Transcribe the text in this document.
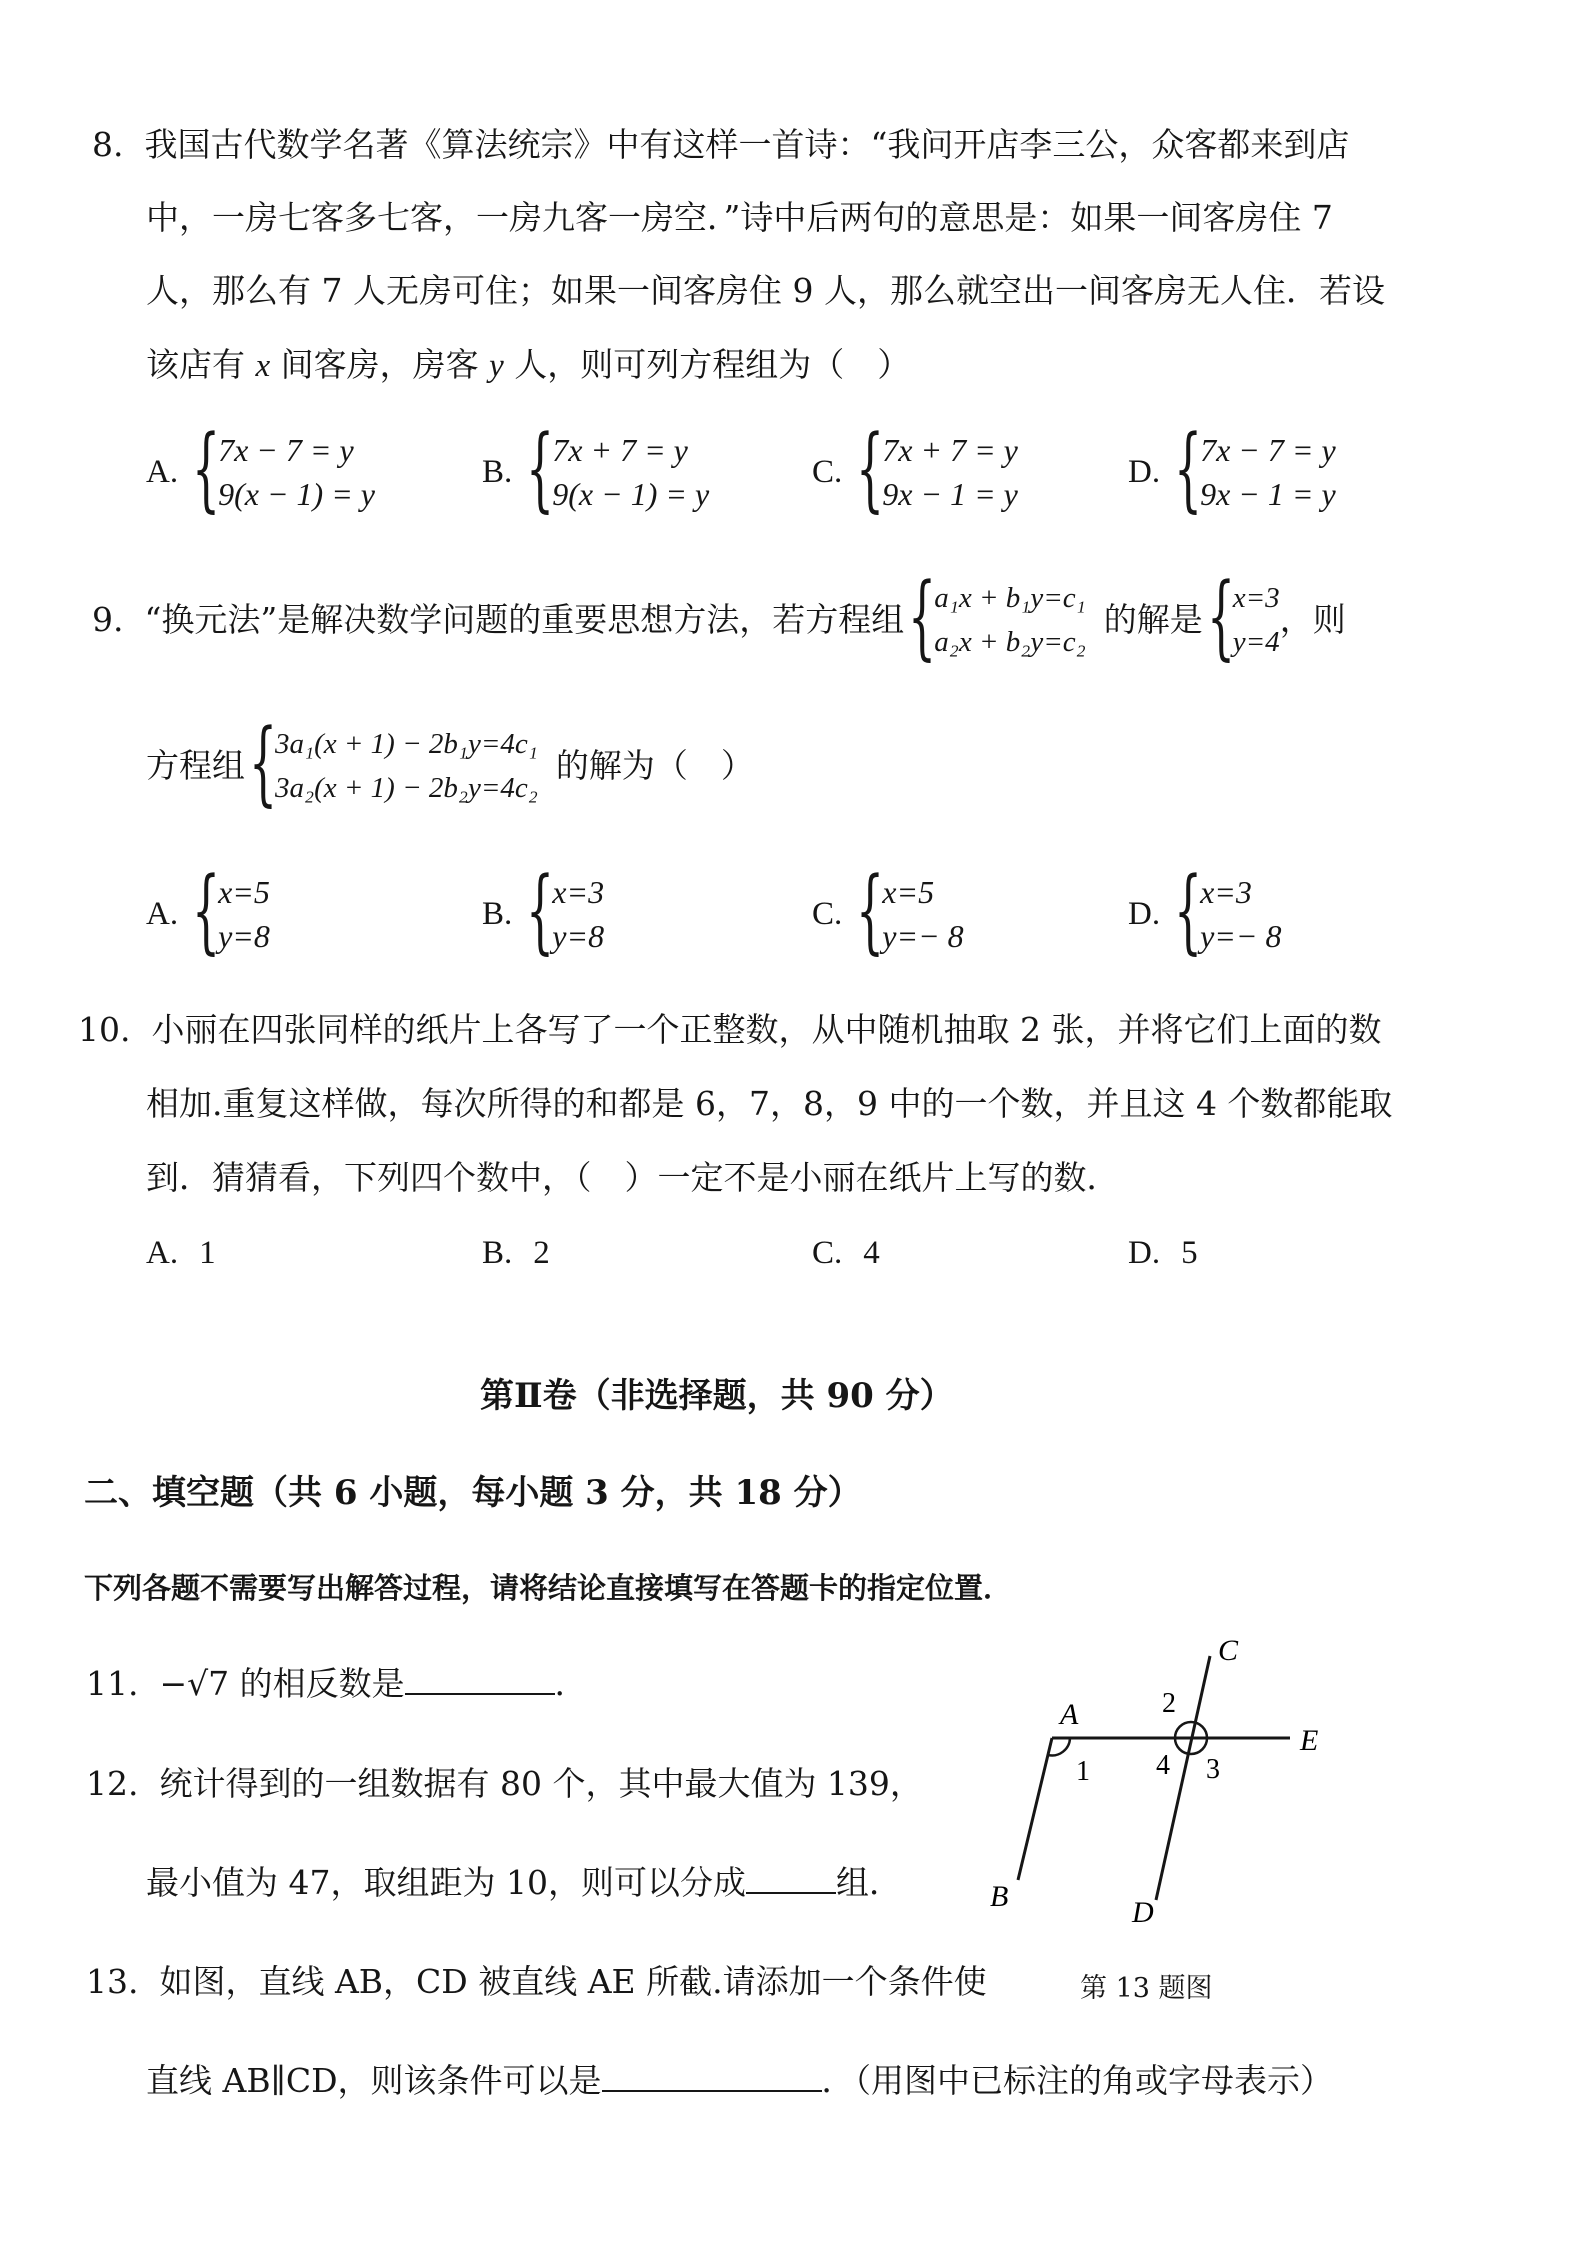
8. 我国古代数学名著《算法统宗》中有这样一首诗：“我问开店李三公，众客都来到店
中，一房七客多七客，一房九客一房空．”诗中后两句的意思是：如果一间客房住 7
人，那么有 7 人无房可住；如果一间客房住 9 人，那么就空出一间客房无人住．若设
该店有 x 间客房，房客 y 人，则可列方程组为（　）
A. {
7x − 7 = y
9(x − 1) = y
B. {
7x + 7 = y
9(x − 1) = y
C. {
7x + 7 = y
9x − 1 = y
D. {
7x − 7 = y
9x − 1 = y
9.
“换元法”是解决数学问题的重要思想方法，若方程组 {
a₁x + b₁y=c₁
a₂x + b₂y=c₂
的解是 {
x=3
y=4
，则
方程组 {
3a₁(x + 1) − 2b₁y=4c₁
3a₂(x + 1) − 2b₂y=4c₂
的解为（　）
A. {
x=5
y=8
B. {
x=3
y=8
C. {
x=5
y=− 8
D. {
x=3
y=− 8
10. 小丽在四张同样的纸片上各写了一个正整数，从中随机抽取 2 张，并将它们上面的数
相加.重复这样做，每次所得的和都是 6，7，8，9 中的一个数，并且这 4 个数都能取
到．猜猜看，下列四个数中，（　）一定不是小丽在纸片上写的数．
A. 1	B. 2	C. 4	D. 5
第Ⅱ卷（非选择题，共 90 分）
二、填空题（共 6 小题，每小题 3 分，共 18 分）
下列各题不需要写出解答过程，请将结论直接填写在答题卡的指定位置．
11. −√7 的相反数是	．
12. 统计得到的一组数据有 80 个，其中最大值为 139，
最小值为 47，取组距为 10，则可以分成	组．
13. 如图，直线 AB，CD 被直线 AE 所截.请添加一个条件使
直线 AB∥CD，则该条件可以是	．（用图中已标注的角或字母表示）
A
C
E
B	D
1
2
3
4
第 13 题图
